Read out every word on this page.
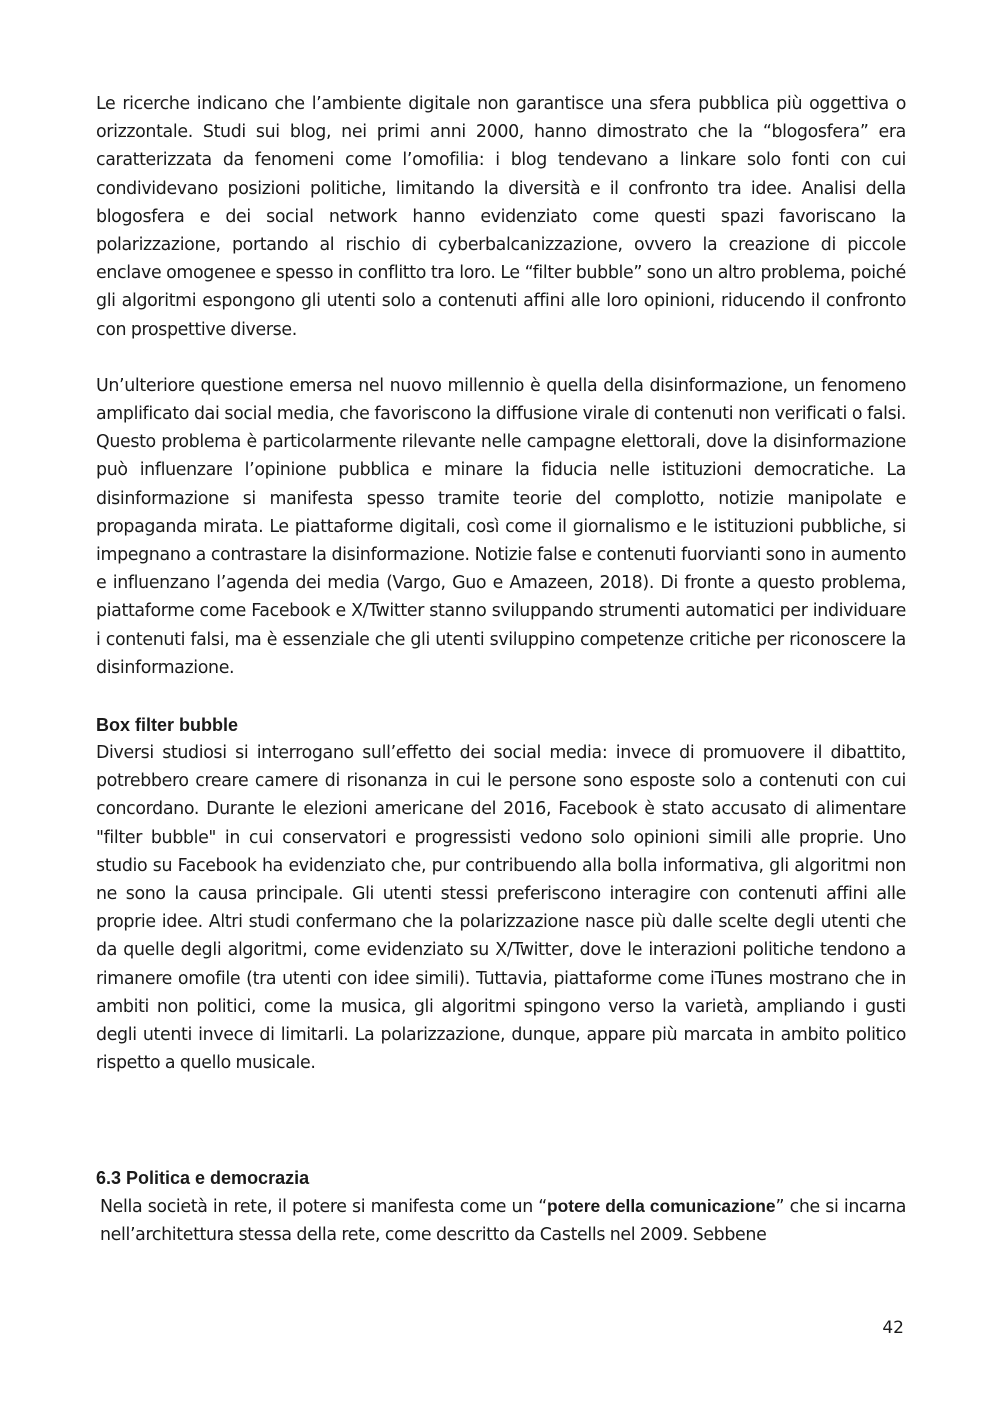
Le ricerche indicano che l’ambiente digitale non garantisce una sfera pubblica più oggettiva o orizzontale. Studi sui blog, nei primi anni 2000, hanno dimostrato che la “blogosfera” era caratterizzata da fenomeni come l’omofilia: i blog tendevano a linkare solo fonti con cui condividevano posizioni politiche, limitando la diversità e il confronto tra idee. Analisi della blogosfera e dei social network hanno evidenziato come questi spazi favoriscano la polarizzazione, portando al rischio di cyberbalcanizzazione, ovvero la creazione di piccole enclave omogenee e spesso in conflitto tra loro. Le “filter bubble” sono un altro problema, poiché gli algoritmi espongono gli utenti solo a contenuti affini alle loro opinioni, riducendo il confronto con prospettive diverse.

Un’ulteriore questione emersa nel nuovo millennio è quella della disinformazione, un fenomeno amplificato dai social media, che favoriscono la diffusione virale di contenuti non verificati o falsi. Questo problema è particolarmente rilevante nelle campagne elettorali, dove la disinformazione può influenzare l’opinione pubblica e minare la fiducia nelle istituzioni democratiche. La disinformazione si manifesta spesso tramite teorie del complotto, notizie manipolate e propaganda mirata. Le piattaforme digitali, così come il giornalismo e le istituzioni pubbliche, si impegnano a contrastare la disinformazione. Notizie false e contenuti fuorvianti sono in aumento e influenzano l’agenda dei media (Vargo, Guo e Amazeen, 2018). Di fronte a questo problema, piattaforme come Facebook e X/Twitter stanno sviluppando strumenti automatici per individuare i contenuti falsi, ma è essenziale che gli utenti sviluppino competenze critiche per riconoscere la disinformazione.

Box filter bubble

Diversi studiosi si interrogano sull’effetto dei social media: invece di promuovere il dibattito, potrebbero creare camere di risonanza in cui le persone sono esposte solo a contenuti con cui concordano. Durante le elezioni americane del 2016, Facebook è stato accusato di alimentare "filter bubble" in cui conservatori e progressisti vedono solo opinioni simili alle proprie. Uno studio su Facebook ha evidenziato che, pur contribuendo alla bolla informativa, gli algoritmi non ne sono la causa principale. Gli utenti stessi preferiscono interagire con contenuti affini alle proprie idee. Altri studi confermano che la polarizzazione nasce più dalle scelte degli utenti che da quelle degli algoritmi, come evidenziato su X/Twitter, dove le interazioni politiche tendono a rimanere omofile (tra utenti con idee simili). Tuttavia, piattaforme come iTunes mostrano che in ambiti non politici, come la musica, gli algoritmi spingono verso la varietà, ampliando i gusti degli utenti invece di limitarli. La polarizzazione, dunque, appare più marcata in ambito politico rispetto a quello musicale.

6.3 Politica e democrazia

Nella società in rete, il potere si manifesta come un “potere della comunicazione” che si incarna nell’architettura stessa della rete, come descritto da Castells nel 2009. Sebbene

42
